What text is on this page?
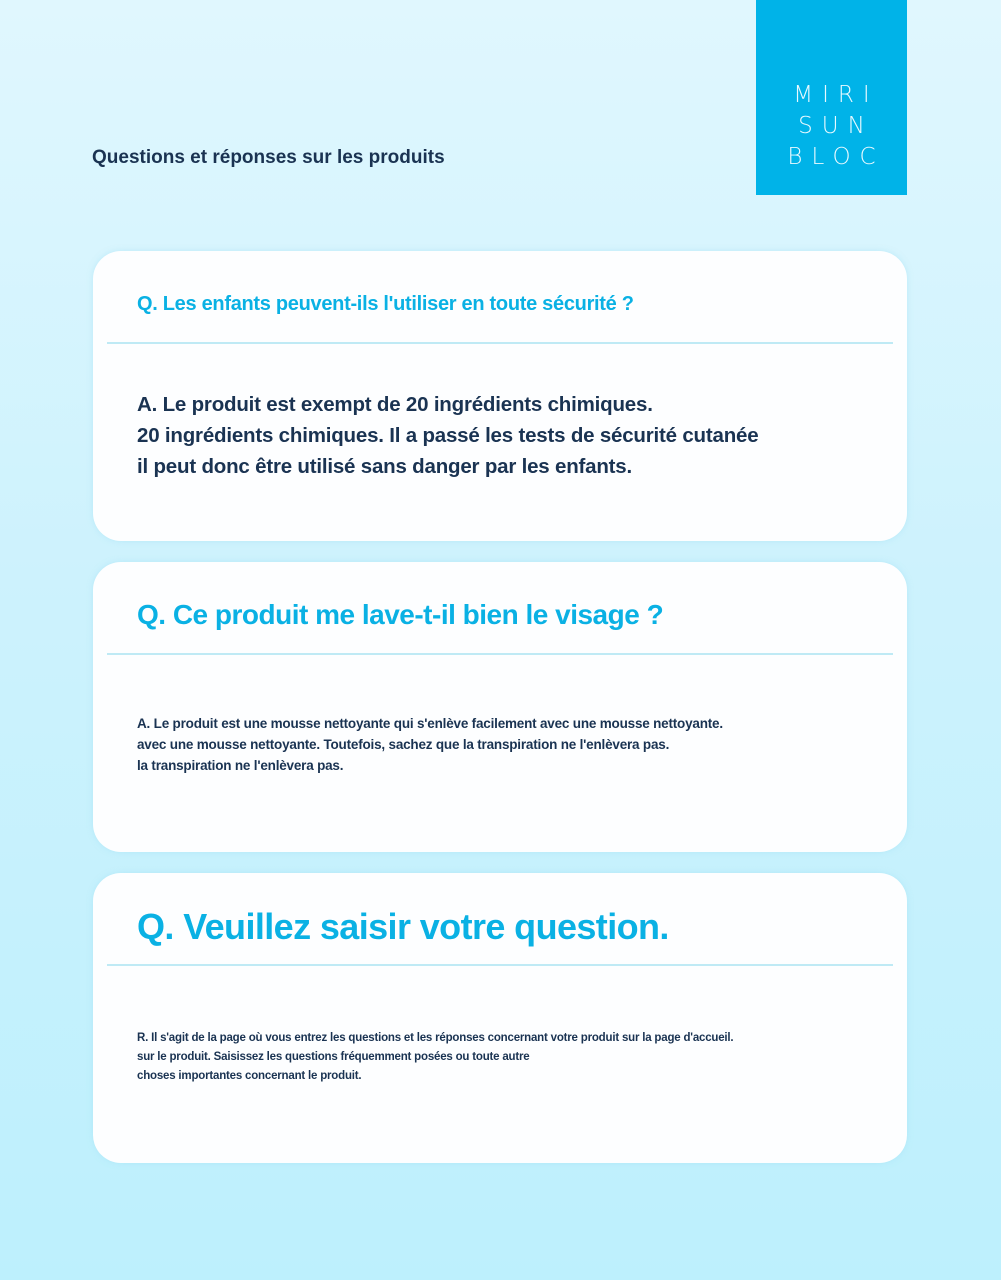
MIRI
SUN
BLOC
Questions et réponses sur les produits
Q. Les enfants peuvent-ils l'utiliser en toute sécurité ?

A. Le produit est exempt de 20 ingrédients chimiques.
20 ingrédients chimiques. Il a passé les tests de sécurité cutanée
il peut donc être utilisé sans danger par les enfants.

Q. Ce produit me lave-t-il bien le visage ?

A. Le produit est une mousse nettoyante qui s'enlève facilement avec une mousse nettoyante.
avec une mousse nettoyante. Toutefois, sachez que la transpiration ne l'enlèvera pas.
la transpiration ne l'enlèvera pas.

Q. Veuillez saisir votre question.

R. Il s'agit de la page où vous entrez les questions et les réponses concernant votre produit sur la page d'accueil.
sur le produit. Saisissez les questions fréquemment posées ou toute autre
choses importantes concernant le produit.
